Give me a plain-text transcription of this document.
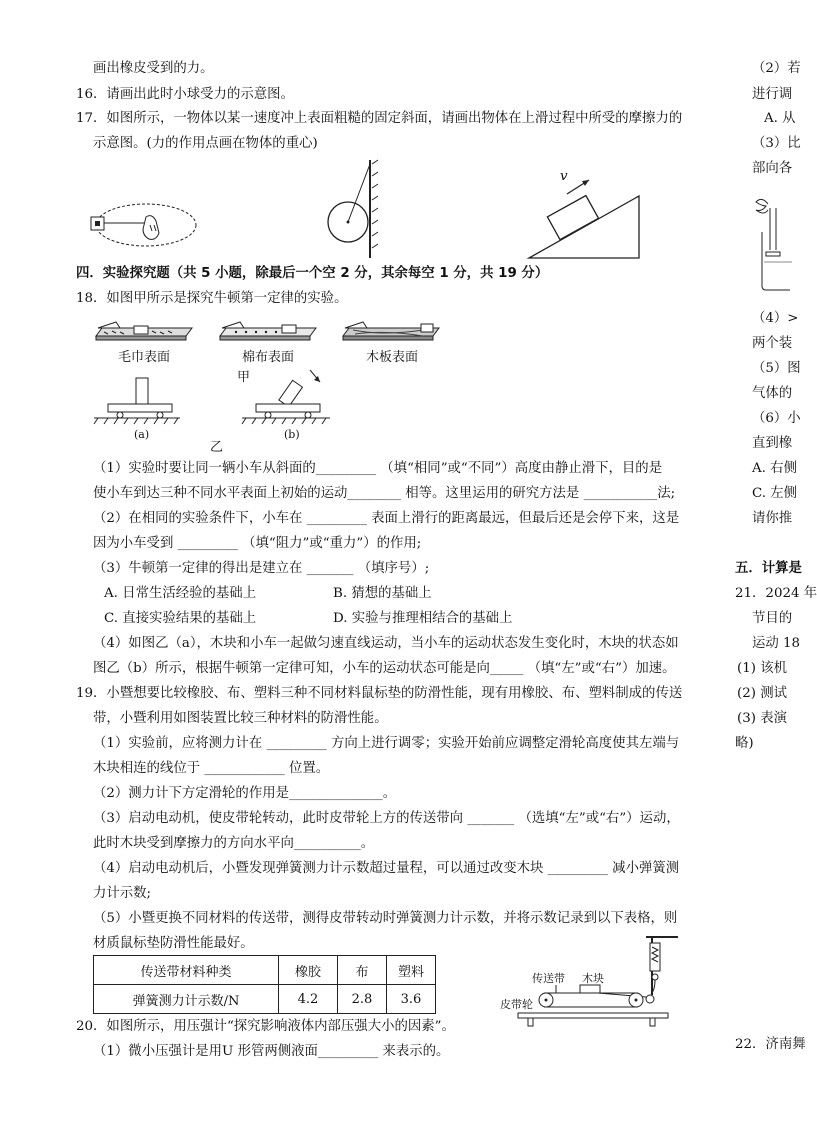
画出橡皮受到的力。
16．请画出此时小球受力的示意图。
17．如图所示，一物体以某一速度冲上表面粗糙的固定斜面，请画出物体在上滑过程中所受的摩擦力的
示意图。(力的作用点画在物体的重心)
v
四．实验探究题（共 5 小题，除最后一个空 2 分，其余每空 1 分，共 19 分）
18．如图甲所示是探究牛顿第一定律的实验。
毛巾表面	棉布表面	木板表面
甲
(a)	(b)
乙
（1）实验时要让同一辆小车从斜面的_________ （填“相同”或“不同”）高度由静止滑下，目的是
使小车到达三种不同水平表面上初始的运动________ 相等。这里运用的研究方法是 ___________法;
（2）在相同的实验条件下，小车在 _________ 表面上滑行的距离最远，但最后还是会停下来，这是
因为小车受到 _________ （填“阻力”或“重力”）的作用;
（3）牛顿第一定律的得出是建立在 _______ （填序号）;
A. 日常生活经验的基础上	B. 猜想的基础上
C. 直接实验结果的基础上	D. 实验与推理相结合的基础上
（4）如图乙（a），木块和小车一起做匀速直线运动，当小车的运动状态发生变化时，木块的状态如
图乙（b）所示，根据牛顿第一定律可知，小车的运动状态可能是向_____ （填“左”或“右”）加速。
19．小暨想要比较橡胶、布、塑料三种不同材料鼠标垫的防滑性能，现有用橡胶、布、塑料制成的传送
带，小暨利用如图装置比较三种材料的防滑性能。
（1）实验前，应将测力计在 _________ 方向上进行调零；实验开始前应调整定滑轮高度使其左端与
木块相连的线位于 ____________ 位置。
（2）测力计下方定滑轮的作用是______________。
（3）启动电动机，使皮带轮转动，此时皮带轮上方的传送带向 _______ （选填“左”或“右”）运动，
此时木块受到摩擦力的方向水平向__________。
（4）启动电动机后，小暨发现弹簧测力计示数超过量程，可以通过改变木块 _________ 减小弹簧测
力计示数;
（5）小暨更换不同材料的传送带，测得皮带转动时弹簧测力计示数，并将示数记录到以下表格，则
材质鼠标垫防滑性能最好。
传送带材料种类	橡胶	布	塑料
弹簧测力计示数/N	4.2	2.8	3.6
传送带 木块
皮带轮
20．如图所示，用压强计“探究影响液体内部压强大小的因素”。
（1）微小压强计是用U 形管两侧液面_________ 来表示的。
（2）若
进行调
A. 从
（3）比
部向各
（4）>
两个装
（5）图
气体的
（6）小
直到橡
A. 右侧
C. 左侧
请你推
五．计算是
21．2024 年
节目的
运动 18
(1) 该机
(2) 测试
(3) 表演
略)
22．济南舞
